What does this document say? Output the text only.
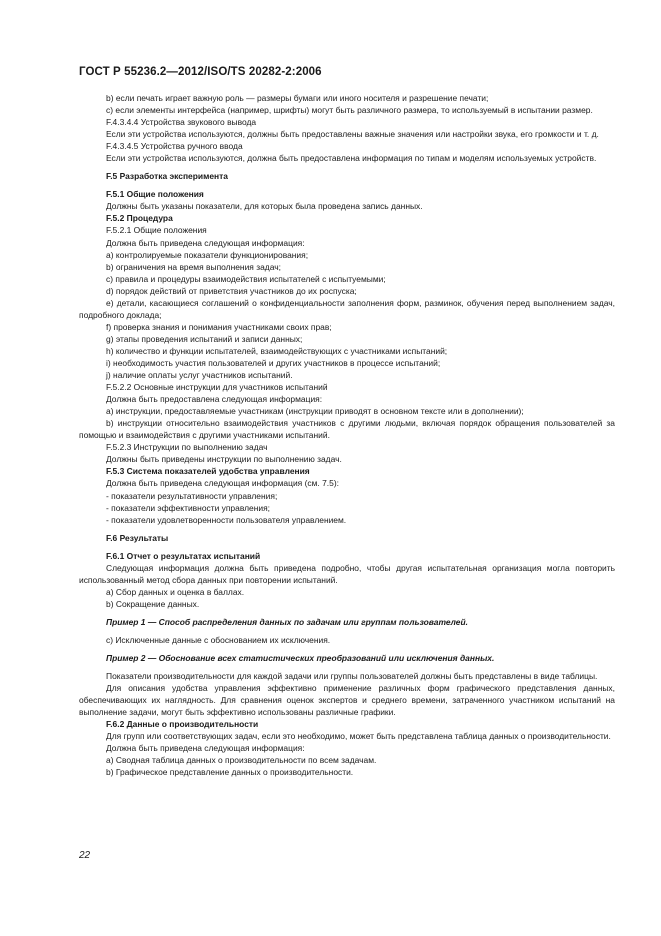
ГОСТ Р 55236.2—2012/ISO/TS 20282-2:2006

b) если печать играет важную роль — размеры бумаги или иного носителя и разрешение печати;

c) если элементы интерфейса (например, шрифты) могут быть различного размера, то используемый в испытании размер.

F.4.3.4.4 Устройства звукового вывода

Если эти устройства используются, должны быть предоставлены важные значения или настройки звука, его громкости и т. д.

F.4.3.4.5 Устройства ручного ввода

Если эти устройства используются, должна быть предоставлена информация по типам и моделям используемых устройств.

F.5 Разработка эксперимента

F.5.1 Общие положения

Должны быть указаны показатели, для которых была проведена запись данных.

F.5.2 Процедура

F.5.2.1 Общие положения

Должна быть приведена следующая информация:

a) контролируемые показатели функционирования;

b) ограничения на время выполнения задач;

c) правила и процедуры взаимодействия испытателей с испытуемыми;

d) порядок действий от приветствия участников до их роспуска;

e) детали, касающиеся соглашений о конфиденциальности заполнения форм, разминок, обучения перед выполнением задач, подробного доклада;

f) проверка знания и понимания участниками своих прав;

g) этапы проведения испытаний и записи данных;

h) количество и функции испытателей, взаимодействующих с участниками испытаний;

i) необходимость участия пользователей и других участников в процессе испытаний;

j) наличие оплаты услуг участников испытаний.

F.5.2.2 Основные инструкции для участников испытаний

Должна быть предоставлена следующая информация:

a) инструкции, предоставляемые участникам (инструкции приводят в основном тексте или в дополнении);

b) инструкции относительно взаимодействия участников с другими людьми, включая порядок обращения пользователей за помощью и взаимодействия с другими участниками испытаний.

F.5.2.3 Инструкции по выполнению задач

Должны быть приведены инструкции по выполнению задач.

F.5.3 Система показателей удобства управления

Должна быть приведена следующая информация (см. 7.5):

- показатели результативности управления;

- показатели эффективности управления;

- показатели удовлетворенности пользователя управлением.

F.6 Результаты

F.6.1 Отчет о результатах испытаний

Следующая информация должна быть приведена подробно, чтобы другая испытательная организация могла повторить использованный метод сбора данных при повторении испытаний.

a) Сбор данных и оценка в баллах.

b) Сокращение данных.

Пример 1 — Способ распределения данных по задачам или группам пользователей.

c) Исключенные данные с обоснованием их исключения.

Пример 2 — Обоснование всех статистических преобразований или исключения данных.

Показатели производительности для каждой задачи или группы пользователей должны быть представлены в виде таблицы.

Для описания удобства управления эффективно применение различных форм графического представления данных, обеспечивающих их наглядность. Для сравнения оценок экспертов и среднего времени, затраченного участником испытаний на выполнение задачи, могут быть эффективно использованы различные графики.

F.6.2 Данные о производительности

Для групп или соответствующих задач, если это необходимо, может быть представлена таблица данных о производительности.

Должна быть приведена следующая информация:

a) Сводная таблица данных о производительности по всем задачам.

b) Графическое представление данных о производительности.

22
